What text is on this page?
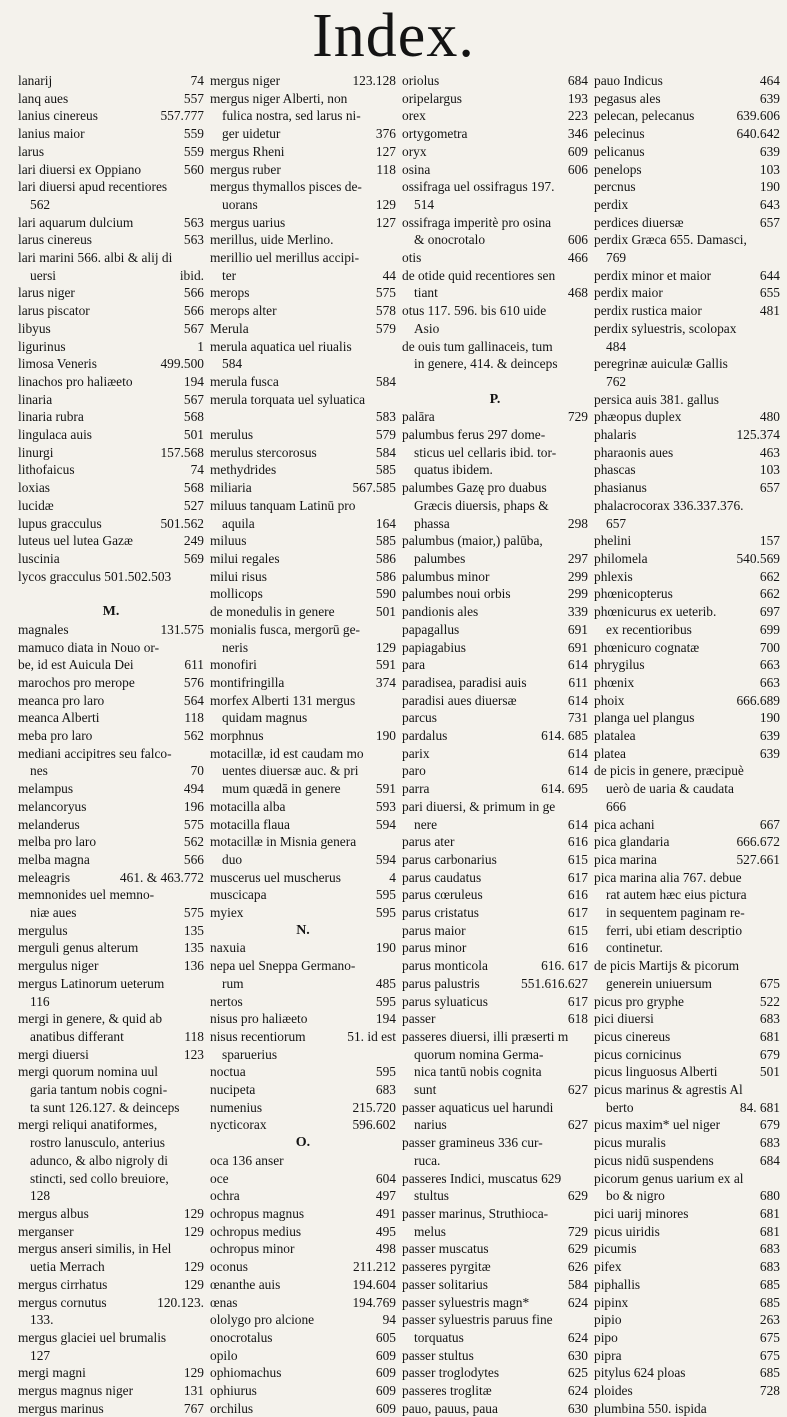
Index.
lanarij	74
lanq aues	557
lanius cinereus	557.777
lanius maior	559
larus	559
lari diuersi ex Oppiano	560
lari diuersi apud recentiores
562
lari aquarum dulcium	563
larus cinereus	563
lari marini 566. albi & alij di
uersi	ibid.
larus niger	566
larus piscator	566
libyus	567
ligurinus	1
limosa Veneris	499.500
linachos pro haliæeto	194
linaria	567
linaria rubra	568
lingulaca auis	501
linurgi	157.568
lithofaicus	74
loxias	568
lucidæ	527
lupus gracculus	501.562
luteus uel lutea Gazæ	249
luscinia	569
lycos gracculus 501.502.503

M.
magnales	131.575
mamuco diata in Nouo or-
be, id est Auicula Dei	611
marochos pro merope	576
meanca pro laro	564
meanca Alberti	118
meba pro laro	562
mediani accipitres seu falco-
nes	70
melampus	494
melancoryus	196
melanderus	575
melba pro laro	562
melba magna	566
meleagris	461. & 463.772
memnonides uel memno-
niæ aues	575
mergulus	135
merguli genus alterum	135
mergulus niger	136
mergus Latinorum ueterum
116
mergi in genere, & quid ab
anatibus differant	118
mergi diuersi	123
mergi quorum nomina uul
garia tantum nobis cogni-
ta sunt 126.127. & deinceps
mergi reliqui anatiformes,
rostro lanusculo, anterius
adunco, & albo nigroly di
stincti, sed collo breuiore,
128
mergus albus	129
merganser	129
mergus anseri similis, in Hel
uetia Merrach	129
mergus cirrhatus	129
mergus cornutus	120.123.
133.
mergus glaciei uel brumalis
127
mergi magni	129
mergus magnus niger	131
mergus marinus	767
mergus niger	123.128
mergus niger Alberti, non
fulica nostra, sed larus ni-
ger uidetur	376
mergus Rheni	127
mergus ruber	118
mergus thymallos pisces de-
uorans	129
mergus uarius	127
merillus, uide Merlino.
merillio uel merillus accipi-
ter	44
merops	575
merops alter	578
Merula	579
merula aquatica uel riualis
584
merula fusca	584
merula torquata uel syluatica

583
merulus	579
merulus stercorosus	584
methydrides	585
miliaria	567.585
miluus tanquam Latinū pro
aquila	164
miluus	585
milui regales	586
milui risus	586
mollicops	590
de monedulis in genere	501
monialis fusca, mergorū ge-
neris	129
monofiri	591
montifringilla	374
morfex Alberti 131 mergus
quidam magnus
morphnus	190
motacillæ, id est caudam mo
uentes diuersæ auc. & pri
mum quædā in genere	591
motacilla alba	593
motacilla flaua	594
motacillæ in Misnia genera
duo	594
muscerus uel muscherus	4
muscicapa	595
myiex	595
N.
naxuia	190
nepa uel Sneppa Germano-
rum	485
nertos	595
nisus pro haliæeto	194
nisus recentiorum	51. id est
sparuerius
noctua	595
nucipeta	683
numenius	215.720
nycticorax	596.602
O.
oca 136 anser
oce	604
ochra	497
ochropus magnus	491
ochropus medius	495
ochropus minor	498
oconus	211.212
œnanthe auis	194.604
œnas	194.769
ololygo pro alcione	94
onocrotalus	605
opilo	609
ophiomachus	609
ophiurus	609
orchilus	609
oriolus	684
oripelargus	193
orex	223
ortygometra	346
oryx	609
osina	606
ossifraga uel ossifragus 197.
514
ossifraga imperitè pro osina
& onocrotalo	606
otis	466
de otide quid recentiores sen
tiant	468
otus 117. 596. bis 610 uide
Asio
de ouis tum gallinaceis, tum
in genere, 414. & deinceps

P.
palāra	729
palumbus ferus 297 dome-
sticus uel cellaris ibid. tor-
quatus ibidem.
palumbes Gazę pro duabus
Græcis diuersis, phaps &
phassa	298
palumbus (maior,) palūba,
palumbes	297
palumbus minor	299
palumbes noui orbis	299
pandionis ales	339
papagallus	691
papiagabius	691
para	614
paradisea, paradisi auis	611
paradisi aues diuersæ	614
parcus	731
pardalus	614. 685
parix	614
paro	614
parra	614. 695
pari diuersi, & primum in ge
nere	614
parus ater	616
parus carbonarius	615
parus caudatus	617
parus cœruleus	616
parus cristatus	617
parus maior	615
parus minor	616
parus monticola	616. 617
parus palustris	551.616.627
parus syluaticus	617
passer	618
passeres diuersi, illi præserti m
quorum nomina Germa-
nica tantū nobis cognita
sunt	627
passer aquaticus uel harundi
narius	627
passer gramineus 336 cur-
ruca.
passeres Indici, muscatus 629
stultus	629
passer marinus, Struthioca-
melus	729
passer muscatus	629
passeres pyrgitæ	626
passer solitarius	584
passer syluestris magn*	624
passer syluestris paruus fine
torquatus	624
passer stultus	630
passer troglodytes	625
passeres troglitæ	624
pauo, pauus, paua	630
pauo Indicus	464
pegasus ales	639
pelecan, pelecanus	639.606
pelecinus	640.642
pelicanus	639
penelops	103
percnus	190
perdix	643
perdices diuersæ	657
perdix Græca 655. Damasci,
769
perdix minor et maior	644
perdix maior	655
perdix rustica maior	481
perdix syluestris, scolopax
484
peregrinæ auiculæ Gallis
762
persica auis 381. gallus
phæopus duplex	480
phalaris	125.374
pharaonis aues	463
phascas	103
phasianus	657
phalacrocorax 336.337.376.
657
phelini	157
philomela	540.569
phlexis	662
phœnicopterus	662
phœnicurus ex ueterib.	697
ex recentioribus	699
phœnicuro cognatæ	700
phrygilus	663
phœnix	663
phoix	666.689
planga uel plangus	190
platalea	639
platea	639
de picis in genere, præcipuè
uerò de uaria & caudata
666
pica achani	667
pica glandaria	666.672
pica marina	527.661
pica marina alia 767. debue
rat autem hæc eius pictura
in sequentem paginam re-
ferri, ubi etiam descriptio
continetur.
de picis Martijs & picorum
generein uniuersum	675
picus pro gryphe	522
pici diuersi	683
picus cinereus	681
picus cornicinus	679
picus linguosus Alberti	501
picus marinus & agrestis Al
berto	84. 681
picus maxim* uel niger	679
picus muralis	683
picus nidū suspendens	684
picorum genus uarium ex al
bo & nigro	680
pici uarij minores	681
picus uiridis	681
picumis	683
pifex	683
piphallis	685
pipinx	685
pipio	263
pipo	675
pipra	675
pitylus 624 ploas	685
ploides	728
plumbina 550. ispida
